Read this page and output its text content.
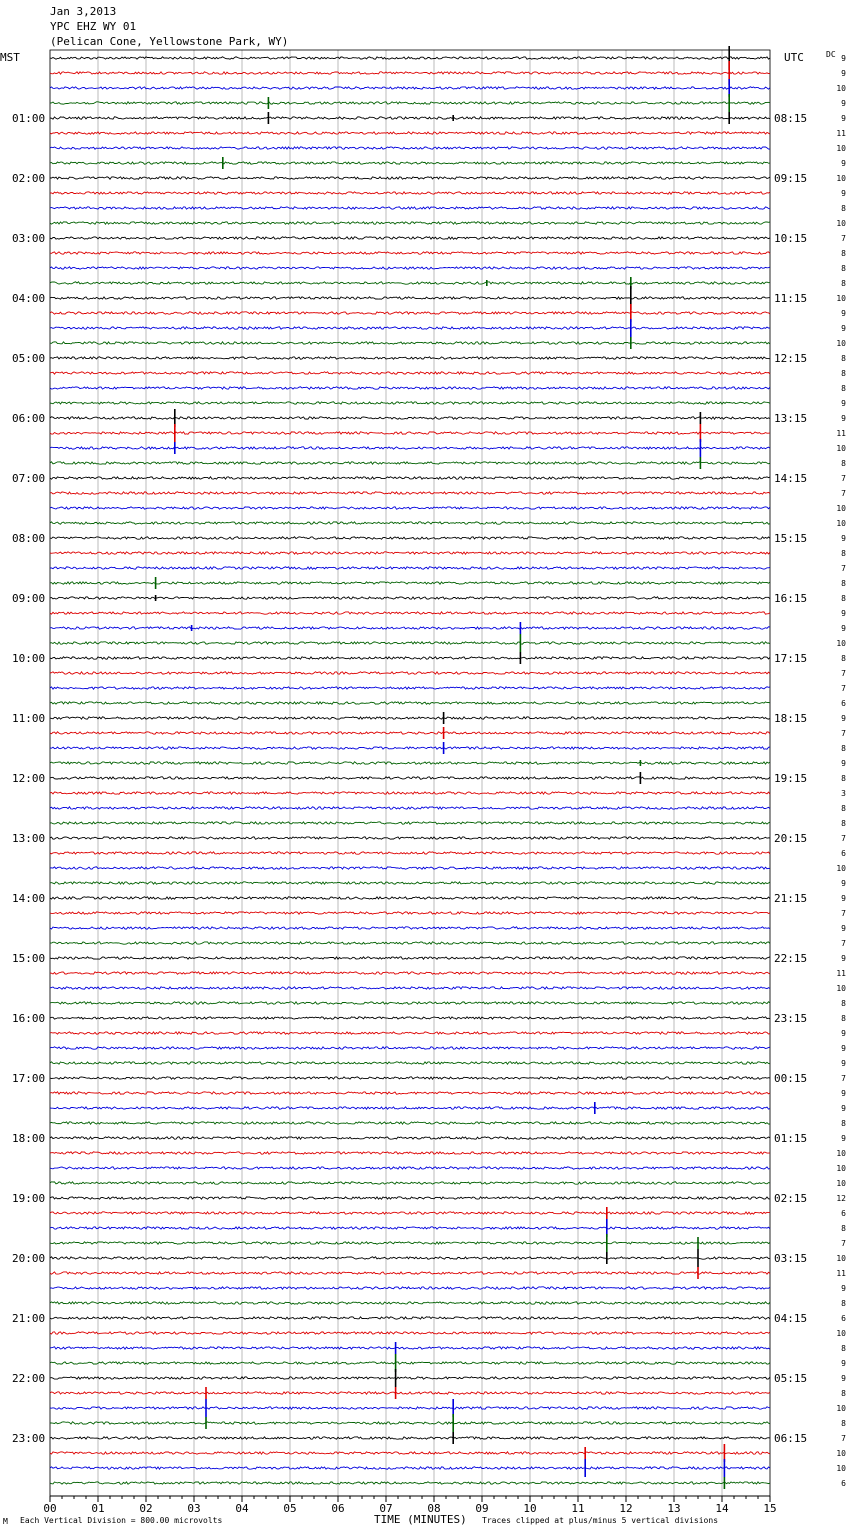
Jan 3,2013
YPC EHZ WY 01
(Pelican Cone, Yellowstone Park, WY)
01:00
02:00
03:00
04:00
05:00
06:00
07:00
08:00
09:00
10:00
11:00
12:00
13:00
14:00
15:00
16:00
17:00
18:00
19:00
20:00
21:00
22:00
23:00
08:15
09:15
10:15
11:15
12:15
13:15
14:15
15:15
16:15
17:15
18:15
19:15
20:15
21:15
22:15
23:15
00:15
01:15
02:15
03:15
04:15
05:15
06:15
9
9
10
9
9
11
10
9
10
9
8
10
7
8
8
8
10
9
9
10
8
8
8
9
9
11
10
8
7
7
10
10
9
8
7
8
8
9
9
10
8
7
7
6
9
7
8
9
8
3
8
8
7
6
10
9
9
7
9
7
9
11
10
8
8
9
9
9
7
9
9
8
9
10
10
10
12
6
8
7
10
11
9
8
6
10
8
9
9
8
10
8
7
10
10
6
00	01	02	03	04	05	06	07	08	09	10	11	12	13	14	15
MST	UTC	DC
M Each Vertical Division = 800.00 microvolts	TIME (MINUTES) Traces clipped at plus/minus 5 vertical divisions
